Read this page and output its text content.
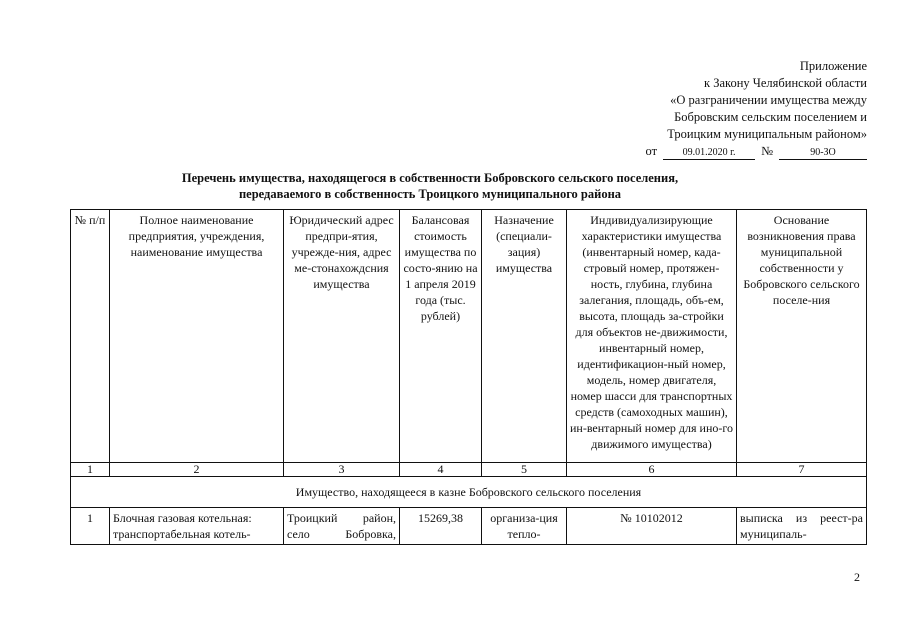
Приложение
к Закону Челябинской области
«О разграничении имущества между
Бобровским сельским поселением и
Троицким муниципальным районом»
от	09.01.2020 г.	№	90-ЗО
Перечень имущества, находящегося в собственности Бобровского сельского поселения,
передаваемого в собственность Троицкого муниципального района
№ п/п	Полное наименование предприятия, учреждения, наименование имущества	Юридический адрес предпри-ятия, учрежде-ния, адрес ме-стонахождсния имущества	Балансовая стоимость имущества по состо-янию на 1 апреля 2019 года (тыс. рублей)	Назначение (специали-зация) имущества	Индивидуализирующие характеристики имущества (инвентарный номер, када-стровый номер, протяжен-ность, глубина, глубина залегания, площадь, объ-ем, высота, площадь за-стройки для объектов не-движимости, инвентарный номер, идентификацион-ный номер, модель, номер двигателя, номер шасси для транспортных средств (самоходных машин), ин-вентарный номер для ино-го движимого имущества)	Основание возникновения права муниципальной собственности у Бобровского сельского поселе-ния
1	2	3	4	5	6	7
Имущество, находящееся в казне Бобровского сельского поселения						
1	Блочная газовая котельная: транспортабельная котель-	Троицкий район, село Бобровка,	15269,38	организа-ция тепло-	№ 10102012	выписка из реест-ра муниципаль-
2
